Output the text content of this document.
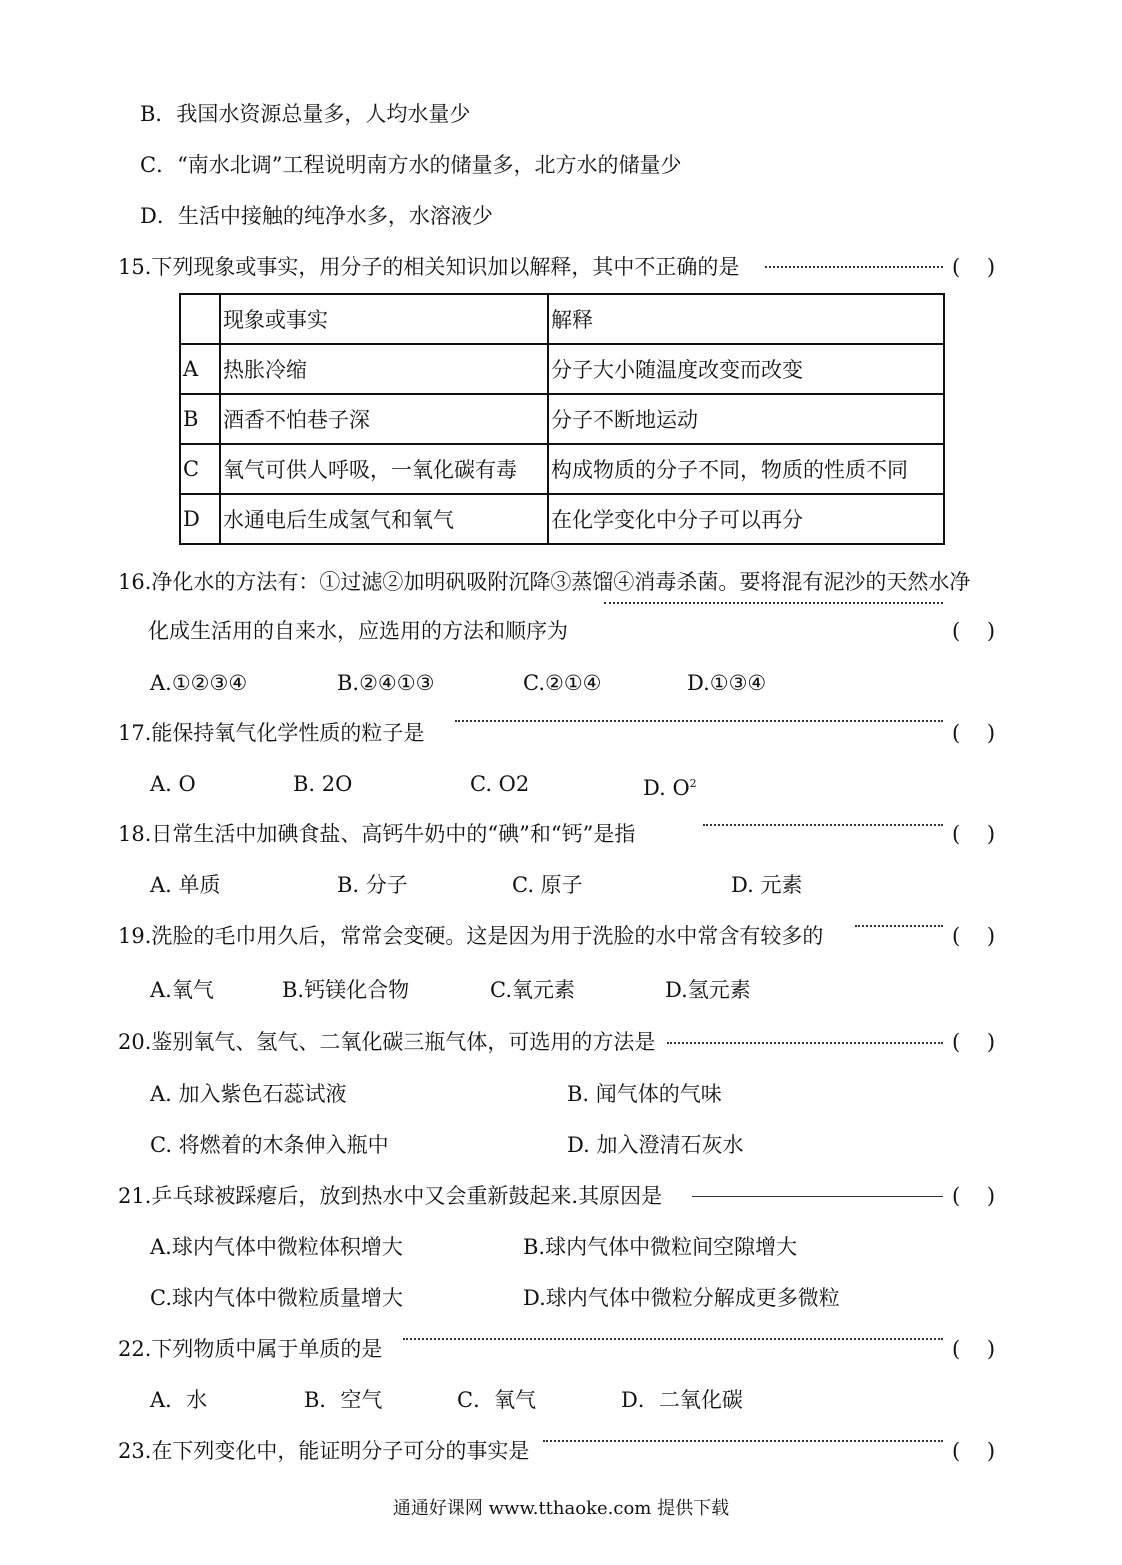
B．我国水资源总量多，人均水量少
C．“南水北调”工程说明南方水的储量多，北方水的储量少
D．生活中接触的纯净水多，水溶液少
15.下列现象或事实，用分子的相关知识加以解释，其中不正确的是	(    )
	现象或事实	解释
A	热胀冷缩	分子大小随温度改变而改变
B	酒香不怕巷子深	分子不断地运动
C	氧气可供人呼吸，一氧化碳有毒	构成物质的分子不同，物质的性质不同
D	水通电后生成氢气和氧气	在化学变化中分子可以再分
16.净化水的方法有：①过滤②加明矾吸附沉降③蒸馏④消毒杀菌。要将混有泥沙的天然水净
化成生活用的自来水，应选用的方法和顺序为	(    )
A.①②③④	B.②④①③	C.②①④	D.①③④
17.能保持氧气化学性质的粒子是	(    )
A. O	B. 2O	C. O2	D. $O^2$
18.日常生活中加碘食盐、高钙牛奶中的“碘”和“钙”是指	(    )
A. 单质	B. 分子	C. 原子	D. 元素
19.洗脸的毛巾用久后，常常会变硬。这是因为用于洗脸的水中常含有较多的	(    )
A.氧气	B.钙镁化合物	C.氧元素	D.氢元素
20.鉴别氧气、氢气、二氧化碳三瓶气体，可选用的方法是	(    )
A. 加入紫色石蕊试液	B. 闻气体的气味
C. 将燃着的木条伸入瓶中	D. 加入澄清石灰水
21.乒乓球被踩瘪后，放到热水中又会重新鼓起来.其原因是	(    )
A.球内气体中微粒体积增大	B.球内气体中微粒间空隙增大
C.球内气体中微粒质量增大	D.球内气体中微粒分解成更多微粒
22.下列物质中属于单质的是	(    )
A．水	B．空气	C．氧气	D．二氧化碳
23.在下列变化中，能证明分子可分的事实是	(    )
通通好课网 www.tthaoke.com 提供下载
